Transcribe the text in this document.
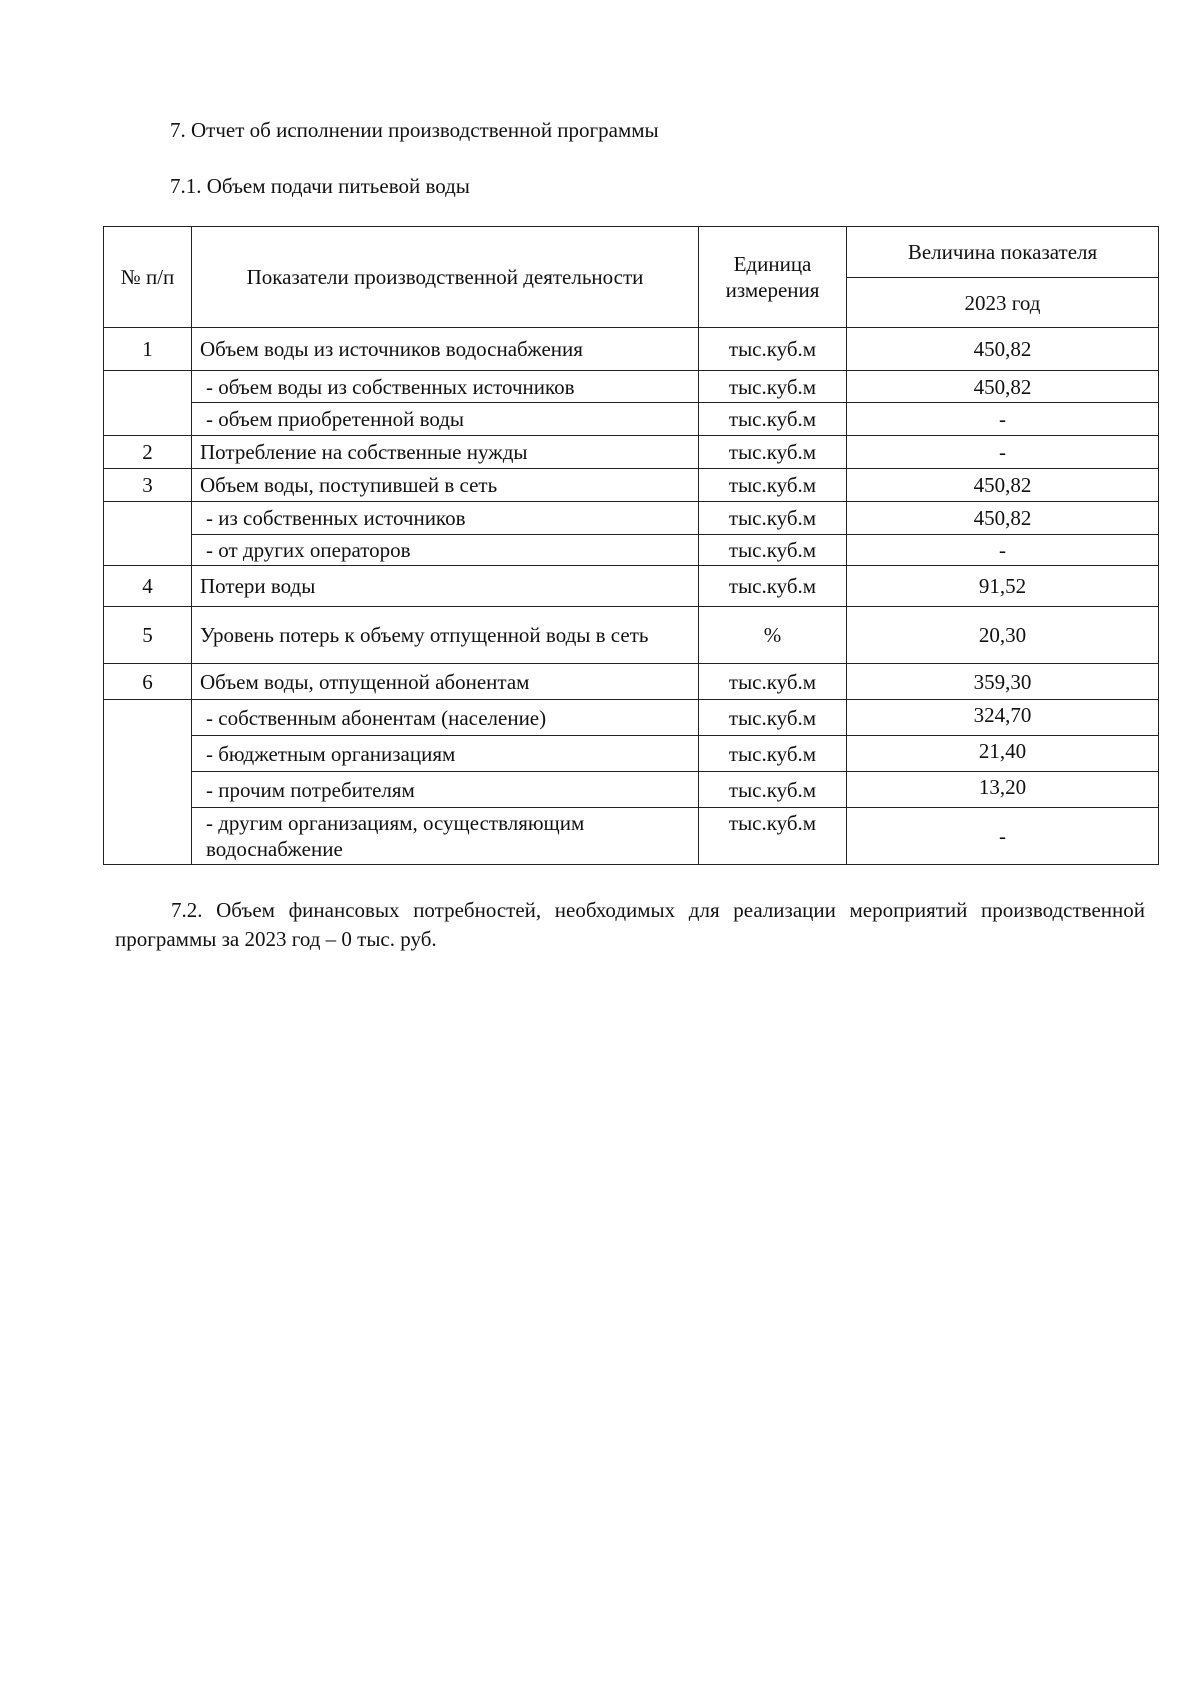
7. Отчет об исполнении производственной программы
7.1. Объем подачи питьевой воды
№ п/п	Показатели производственной деятельности	Единица измерения	Величина показателя
			2023 год
1	Объем воды из источников водоснабжения	тыс.куб.м	450,82
	- объем воды из собственных источников	тыс.куб.м	450,82
	- объем приобретенной воды	тыс.куб.м	-
2	Потребление на собственные нужды	тыс.куб.м	-
3	Объем воды, поступившей в сеть	тыс.куб.м	450,82
	- из собственных источников	тыс.куб.м	450,82
	- от других операторов	тыс.куб.м	-
4	Потери воды	тыс.куб.м	91,52
5	Уровень потерь к объему отпущенной воды в сеть	%	20,30
6	Объем воды, отпущенной абонентам	тыс.куб.м	359,30
	- собственным абонентам (население)	тыс.куб.м	324,70
	- бюджетным организациям	тыс.куб.м	21,40
	- прочим потребителям	тыс.куб.м	13,20
	- другим организациям, осуществляющим водоснабжение	тыс.куб.м	-

7.2. Объем финансовых потребностей, необходимых для реализации мероприятий производственной программы за 2023 год – 0 тыс. руб.
